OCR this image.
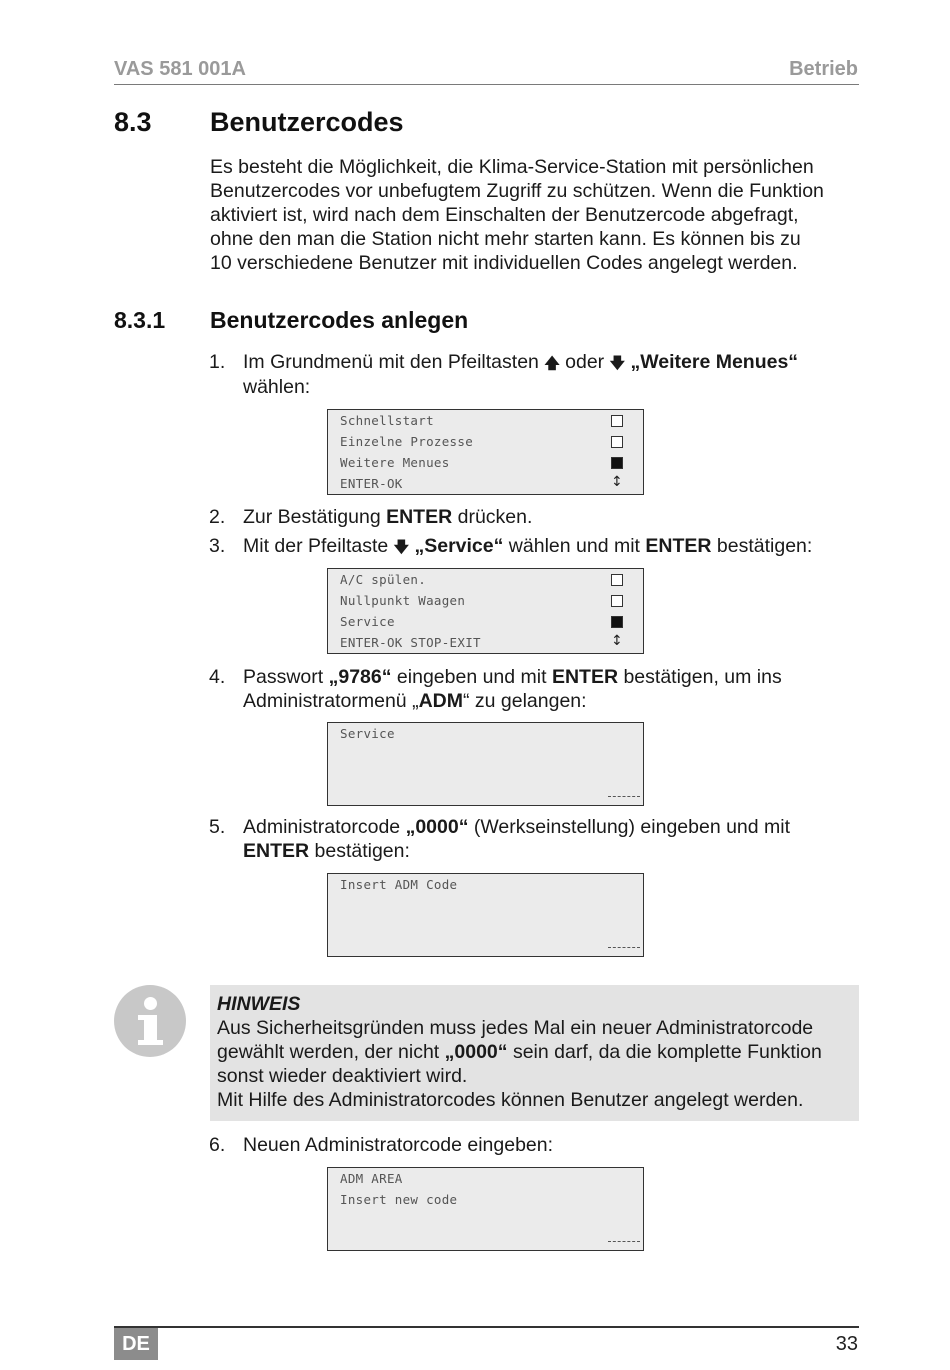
VAS 581 001A	Betrieb
8.3 Benutzercodes
Es besteht die Möglichkeit, die Klima-Service-Station mit persönlichen
Benutzercodes vor unbefugtem Zugriff zu schützen. Wenn die Funktion
aktiviert ist, wird nach dem Einschalten der Benutzercode abgefragt,
ohne den man die Station nicht mehr starten kann. Es können bis zu
10 verschiedene Benutzer mit individuellen Codes angelegt werden.
8.3.1 Benutzercodes anlegen
1. Im Grundmenü mit den Pfeiltasten 🡅 oder 🡇 „Weitere Menues“
wählen:
Schnellstart
Einzelne Prozesse
Weitere Menues
ENTER-OK	↕
2. Zur Bestätigung ENTER drücken.
3. Mit der Pfeiltaste 🡇 „Service“ wählen und mit ENTER bestätigen:
A/C spülen.
Nullpunkt Waagen
Service
ENTER-OK STOP-EXIT	↕
4. Passwort „9786“ eingeben und mit ENTER bestätigen, um ins
Administratormenü „ADM“ zu gelangen:
Service
5. Administratorcode „0000“ (Werkseinstellung) eingeben und mit
ENTER bestätigen:
Insert ADM Code
HINWEIS
Aus Sicherheitsgründen muss jedes Mal ein neuer Administratorcode
gewählt werden, der nicht „0000“ sein darf, da die komplette Funktion
sonst wieder deaktiviert wird.
Mit Hilfe des Administratorcodes können Benutzer angelegt werden.
6. Neuen Administratorcode eingeben:
ADM AREA
Insert new code
DE	33
